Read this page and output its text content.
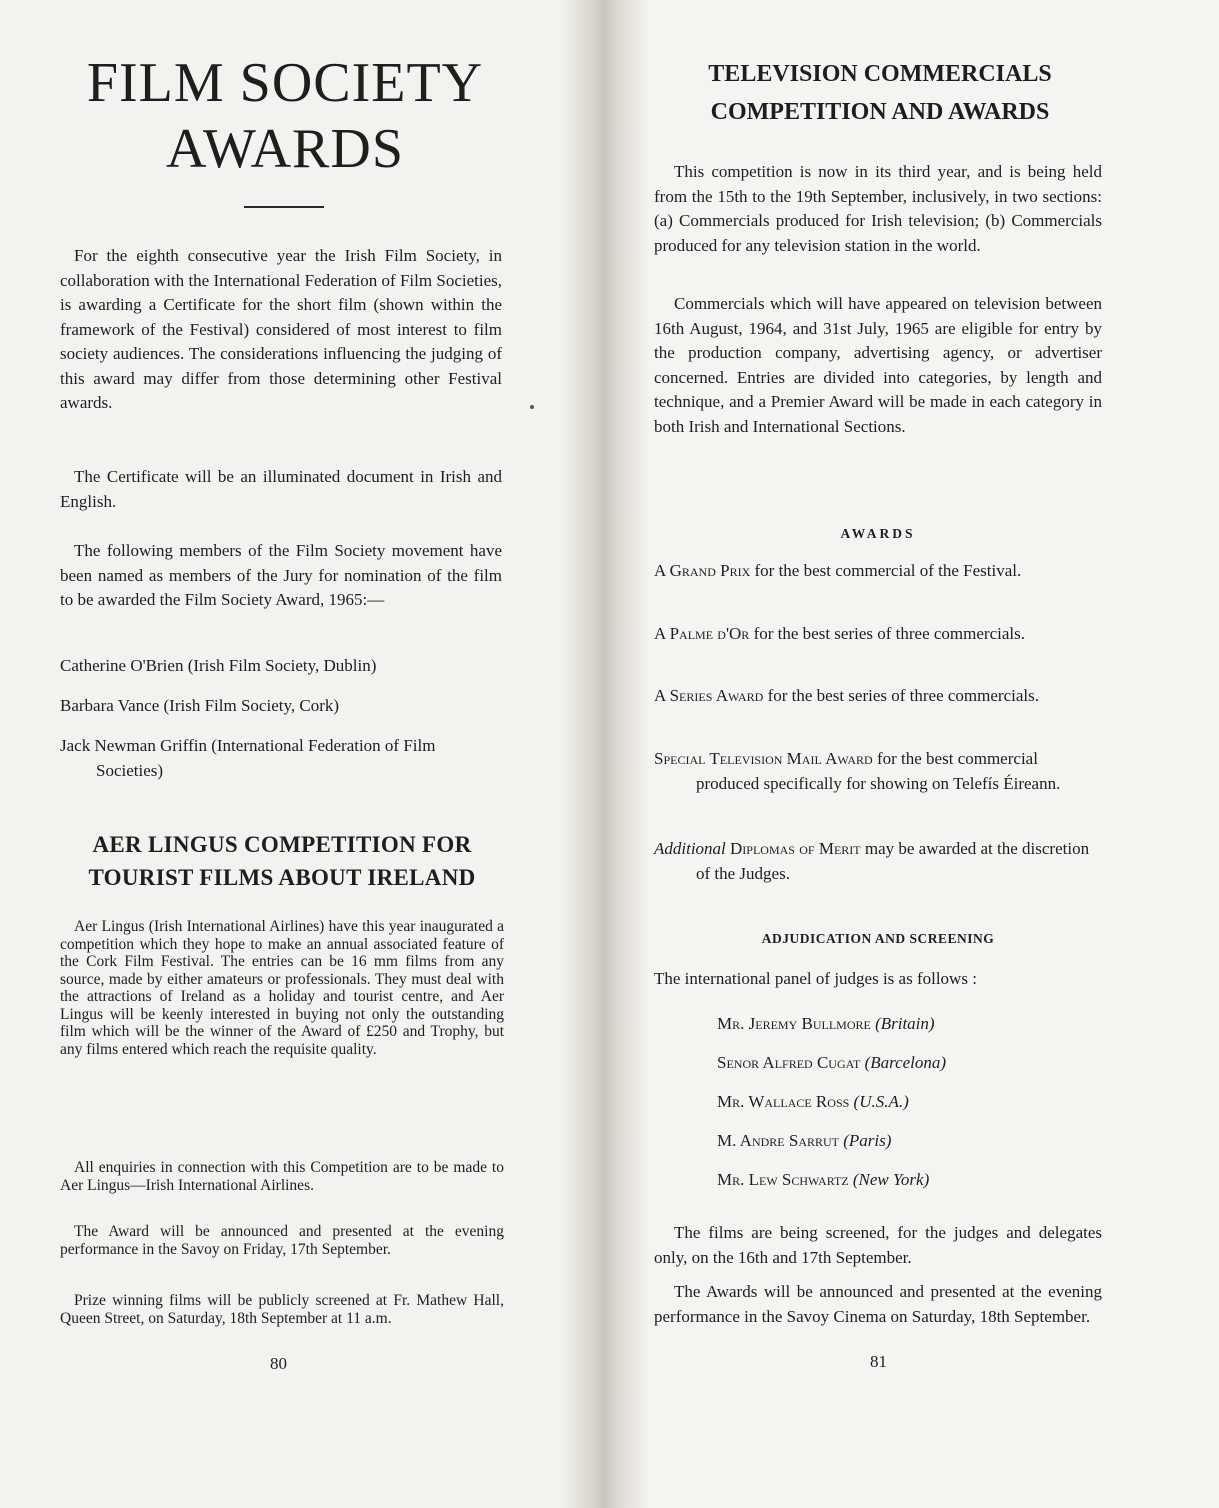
FILM SOCIETY
AWARDS

For the eighth consecutive year the Irish Film Society, in collaboration with the International Federation of Film Societies, is awarding a Certificate for the short film (shown within the framework of the Festival) considered of most interest to film society audiences. The considerations influencing the judging of this award may differ from those determining other Festival awards.

The Certificate will be an illuminated document in Irish and English.

The following members of the Film Society movement have been named as members of the Jury for nomination of the film to be awarded the Film Society Award, 1965:—

Catherine O'Brien (Irish Film Society, Dublin)

Barbara Vance (Irish Film Society, Cork)

Jack Newman Griffin (International Federation of Film Societies)

AER LINGUS COMPETITION FOR
TOURIST FILMS ABOUT IRELAND

Aer Lingus (Irish International Airlines) have this year inaugurated a competition which they hope to make an annual associated feature of the Cork Film Festival. The entries can be 16 mm films from any source, made by either amateurs or professionals. They must deal with the attractions of Ireland as a holiday and tourist centre, and Aer Lingus will be keenly interested in buying not only the outstanding film which will be the winner of the Award of £250 and Trophy, but any films entered which reach the requisite quality.

All enquiries in connection with this Competition are to be made to Aer Lingus—Irish International Airlines.

The Award will be announced and presented at the evening performance in the Savoy on Friday, 17th September.

Prize winning films will be publicly screened at Fr. Mathew Hall, Queen Street, on Saturday, 18th September at 11 a.m.

80
TELEVISION COMMERCIALS
COMPETITION AND AWARDS

This competition is now in its third year, and is being held from the 15th to the 19th September, inclusively, in two sections: (a) Commercials produced for Irish television; (b) Commercials produced for any television station in the world.

Commercials which will have appeared on television between 16th August, 1964, and 31st July, 1965 are eligible for entry by the production company, advertising agency, or advertiser concerned. Entries are divided into categories, by length and technique, and a Premier Award will be made in each category in both Irish and International Sections.

AWARDS

A Grand Prix for the best commercial of the Festival.

A Palme d'Or for the best series of three commercials.

A Series Award for the best series of three commercials.

Special Television Mail Award for the best commercial produced specifically for showing on Telefís Éireann.

Additional Diplomas of Merit may be awarded at the discretion of the Judges.

ADJUDICATION AND SCREENING

The international panel of judges is as follows :

Mr. Jeremy Bullmore (Britain)

Senor Alfred Cugat (Barcelona)

Mr. Wallace Ross (U.S.A.)

M. Andre Sarrut (Paris)

Mr. Lew Schwartz (New York)

The films are being screened, for the judges and delegates only, on the 16th and 17th September.

The Awards will be announced and presented at the evening performance in the Savoy Cinema on Saturday, 18th September.

81
